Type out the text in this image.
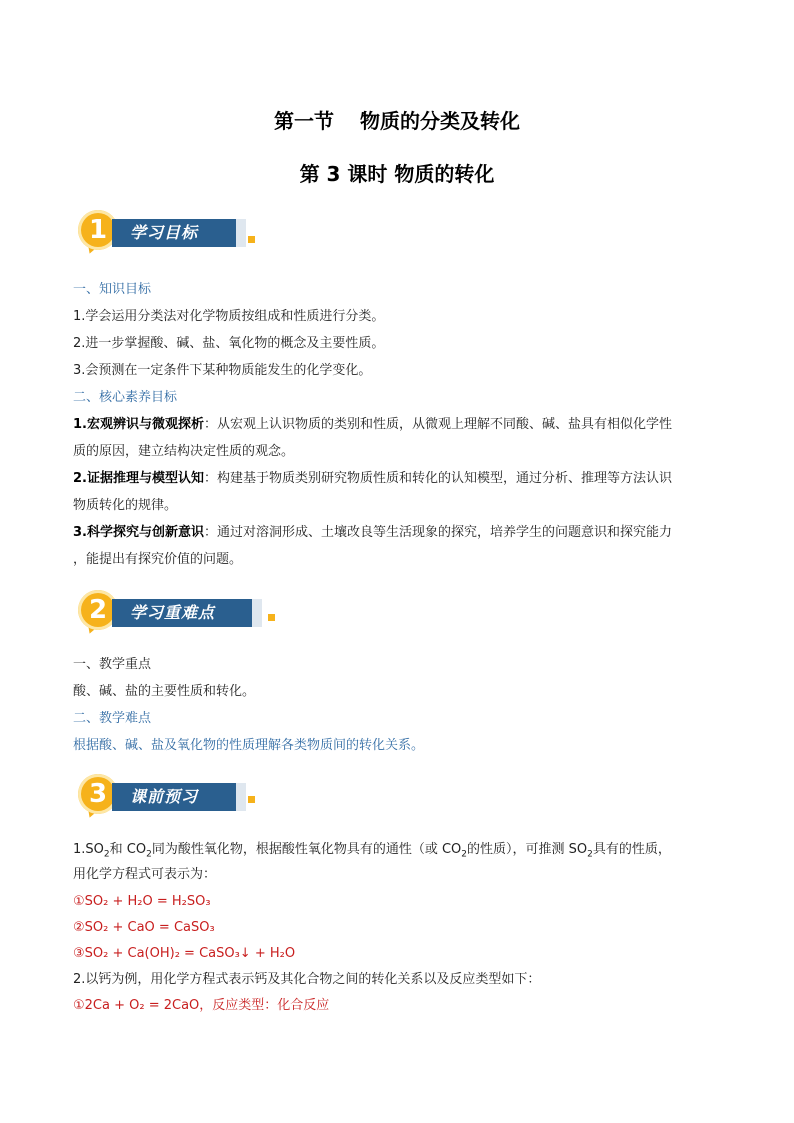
第一节 物质的分类及转化
第 3 课时 物质的转化
1	学习目标
一、知识目标
1.学会运用分类法对化学物质按组成和性质进行分类。
2.进一步掌握酸、碱、盐、氧化物的概念及主要性质。
3.会预测在一定条件下某种物质能发生的化学变化。
二、核心素养目标
1.宏观辨识与微观探析：从宏观上认识物质的类别和性质，从微观上理解不同酸、碱、盐具有相似化学性
质的原因，建立结构决定性质的观念。
2.证据推理与模型认知：构建基于物质类别研究物质性质和转化的认知模型，通过分析、推理等方法认识
物质转化的规律。
3.科学探究与创新意识：通过对溶洞形成、土壤改良等生活现象的探究，培养学生的问题意识和探究能力
，能提出有探究价值的问题。
2	学习重难点
一、教学重点
酸、碱、盐的主要性质和转化。
二、教学难点
根据酸、碱、盐及氧化物的性质理解各类物质间的转化关系。
3	课前预习
$1.SO_2$和 $CO_2$同为酸性氧化物，根据酸性氧化物具有的通性（或 $CO_2$的性质），可推测 $SO_2$具有的性质，
用化学方程式可表示为：
①SO₂ + H₂O = H₂SO₃
②SO₂ + CaO = CaSO₃
③SO₂ + Ca(OH)₂ = CaSO₃↓ + H₂O
2.以钙为例，用化学方程式表示钙及其化合物之间的转化关系以及反应类型如下：
①2Ca + O₂ = 2CaO，反应类型：化合反应
